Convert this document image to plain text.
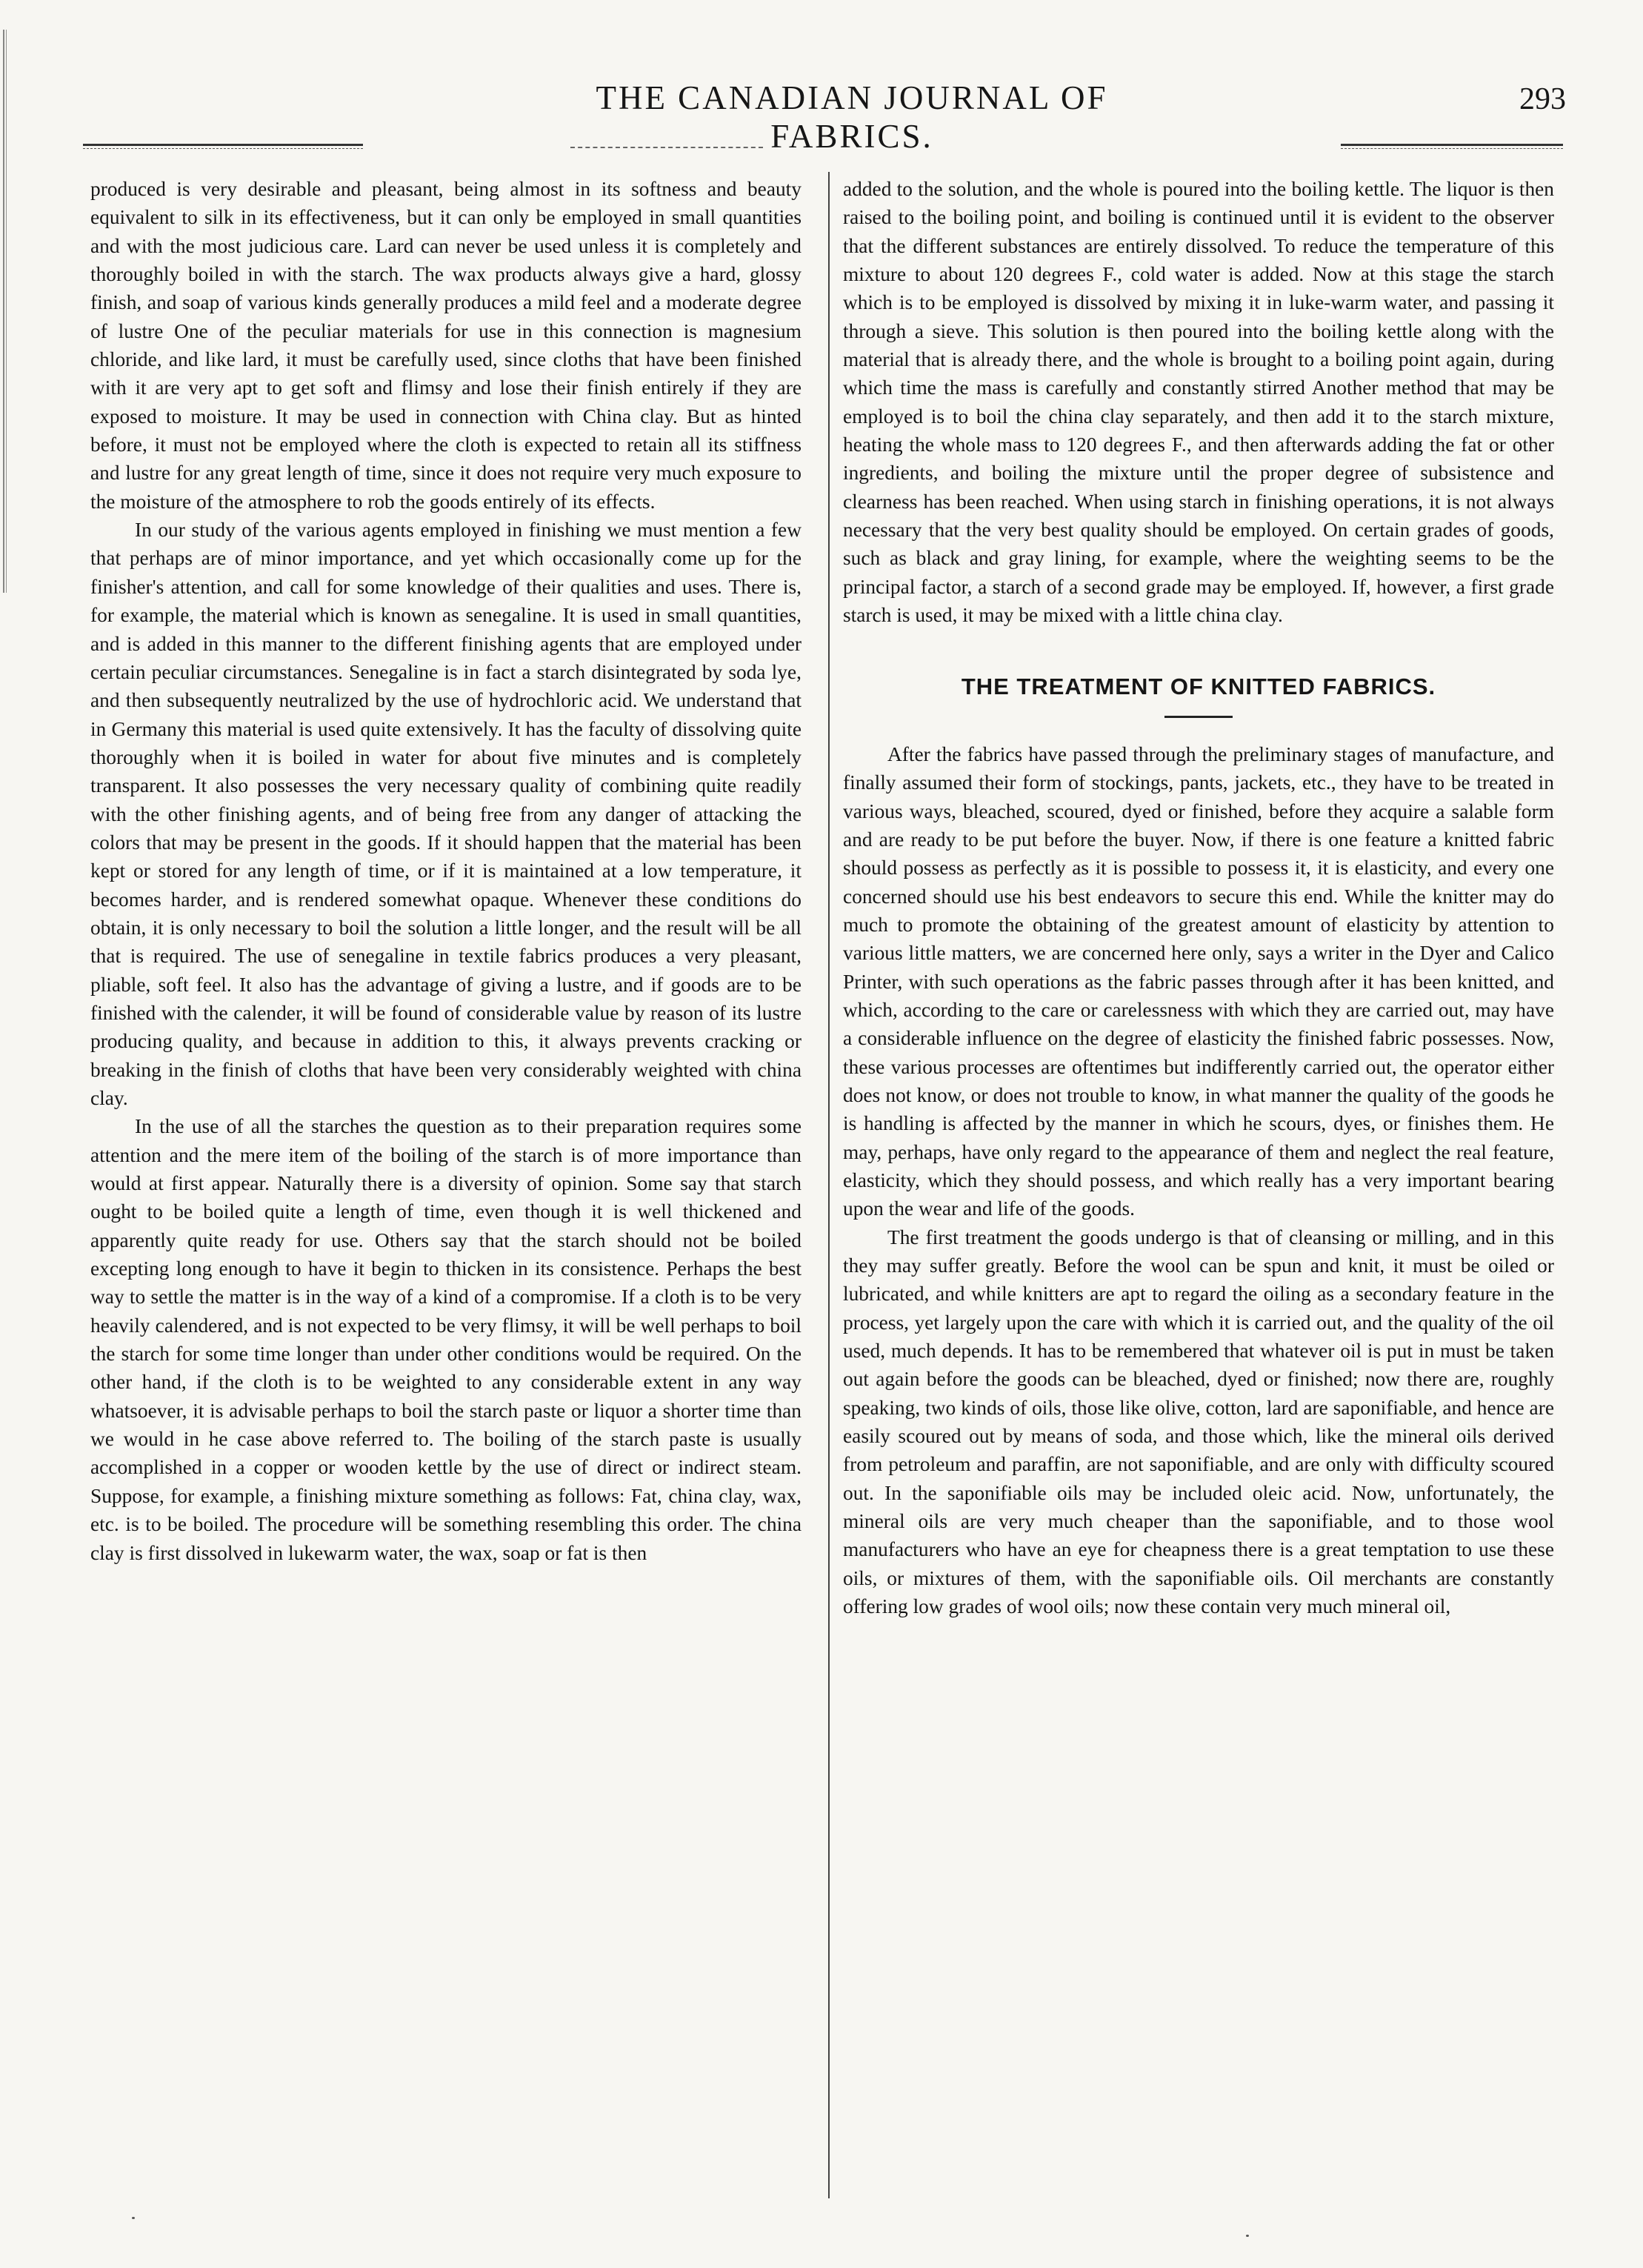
THE CANADIAN JOURNAL OF FABRICS.
293

produced is very desirable and pleasant, being almost in its softness and beauty equivalent to silk in its effectiveness, but it can only be employed in small quantities and with the most judicious care. Lard can never be used unless it is completely and thoroughly boiled in with the starch. The wax products always give a hard, glossy finish, and soap of various kinds generally produces a mild feel and a moderate degree of lustre One of the peculiar materials for use in this connection is magnesium chloride, and like lard, it must be carefully used, since cloths that have been finished with it are very apt to get soft and flimsy and lose their finish entirely if they are exposed to moisture. It may be used in connection with China clay. But as hinted before, it must not be employed where the cloth is expected to retain all its stiffness and lustre for any great length of time, since it does not require very much exposure to the moisture of the atmosphere to rob the goods entirely of its effects.

In our study of the various agents employed in finishing we must mention a few that perhaps are of minor importance, and yet which occasionally come up for the finisher's attention, and call for some knowledge of their qualities and uses. There is, for example, the material which is known as senegaline. It is used in small quantities, and is added in this manner to the different finishing agents that are employed under certain peculiar circumstances. Senegaline is in fact a starch disintegrated by soda lye, and then subsequently neutralized by the use of hydrochloric acid. We understand that in Germany this material is used quite extensively. It has the faculty of dissolving quite thoroughly when it is boiled in water for about five minutes and is completely transparent. It also possesses the very necessary quality of combining quite readily with the other finishing agents, and of being free from any danger of attacking the colors that may be present in the goods. If it should happen that the material has been kept or stored for any length of time, or if it is maintained at a low temperature, it becomes harder, and is rendered somewhat opaque. Whenever these conditions do obtain, it is only necessary to boil the solution a little longer, and the result will be all that is required. The use of senegaline in textile fabrics produces a very pleasant, pliable, soft feel. It also has the advantage of giving a lustre, and if goods are to be finished with the calender, it will be found of considerable value by reason of its lustre producing quality, and because in addition to this, it always prevents cracking or breaking in the finish of cloths that have been very considerably weighted with china clay.

In the use of all the starches the question as to their preparation requires some attention and the mere item of the boiling of the starch is of more importance than would at first appear. Naturally there is a diversity of opinion. Some say that starch ought to be boiled quite a length of time, even though it is well thickened and apparently quite ready for use. Others say that the starch should not be boiled excepting long enough to have it begin to thicken in its consistence. Perhaps the best way to settle the matter is in the way of a kind of a compromise. If a cloth is to be very heavily calendered, and is not expected to be very flimsy, it will be well perhaps to boil the starch for some time longer than under other conditions would be required. On the other hand, if the cloth is to be weighted to any considerable extent in any way whatsoever, it is advisable perhaps to boil the starch paste or liquor a shorter time than we would in he case above referred to. The boiling of the starch paste is usually accomplished in a copper or wooden kettle by the use of direct or indirect steam. Suppose, for example, a finishing mixture something as follows: Fat, china clay, wax, etc. is to be boiled. The procedure will be something resembling this order. The china clay is first dissolved in lukewarm water, the wax, soap or fat is then

added to the solution, and the whole is poured into the boiling kettle. The liquor is then raised to the boiling point, and boiling is continued until it is evident to the observer that the different substances are entirely dissolved. To reduce the temperature of this mixture to about 120 degrees F., cold water is added. Now at this stage the starch which is to be employed is dissolved by mixing it in luke-warm water, and passing it through a sieve. This solution is then poured into the boiling kettle along with the material that is already there, and the whole is brought to a boiling point again, during which time the mass is carefully and constantly stirred Another method that may be employed is to boil the china clay separately, and then add it to the starch mixture, heating the whole mass to 120 degrees F., and then afterwards adding the fat or other ingredients, and boiling the mixture until the proper degree of subsistence and clearness has been reached. When using starch in finishing operations, it is not always necessary that the very best quality should be employed. On certain grades of goods, such as black and gray lining, for example, where the weighting seems to be the principal factor, a starch of a second grade may be employed. If, however, a first grade starch is used, it may be mixed with a little china clay.

THE TREATMENT OF KNITTED FABRICS.

After the fabrics have passed through the preliminary stages of manufacture, and finally assumed their form of stockings, pants, jackets, etc., they have to be treated in various ways, bleached, scoured, dyed or finished, before they acquire a salable form and are ready to be put before the buyer. Now, if there is one feature a knitted fabric should possess as perfectly as it is possible to possess it, it is elasticity, and every one concerned should use his best endeavors to secure this end. While the knitter may do much to promote the obtaining of the greatest amount of elasticity by attention to various little matters, we are concerned here only, says a writer in the Dyer and Calico Printer, with such operations as the fabric passes through after it has been knitted, and which, according to the care or carelessness with which they are carried out, may have a considerable influence on the degree of elasticity the finished fabric possesses. Now, these various processes are oftentimes but indifferently carried out, the operator either does not know, or does not trouble to know, in what manner the quality of the goods he is handling is affected by the manner in which he scours, dyes, or finishes them. He may, perhaps, have only regard to the appearance of them and neglect the real feature, elasticity, which they should possess, and which really has a very important bearing upon the wear and life of the goods.

The first treatment the goods undergo is that of cleansing or milling, and in this they may suffer greatly. Before the wool can be spun and knit, it must be oiled or lubricated, and while knitters are apt to regard the oiling as a secondary feature in the process, yet largely upon the care with which it is carried out, and the quality of the oil used, much depends. It has to be remembered that whatever oil is put in must be taken out again before the goods can be bleached, dyed or finished; now there are, roughly speaking, two kinds of oils, those like olive, cotton, lard are saponifiable, and hence are easily scoured out by means of soda, and those which, like the mineral oils derived from petroleum and paraffin, are not saponifiable, and are only with difficulty scoured out. In the saponifiable oils may be included oleic acid. Now, unfortunately, the mineral oils are very much cheaper than the saponifiable, and to those wool manufacturers who have an eye for cheapness there is a great temptation to use these oils, or mixtures of them, with the saponifiable oils. Oil merchants are constantly offering low grades of wool oils; now these contain very much mineral oil,
